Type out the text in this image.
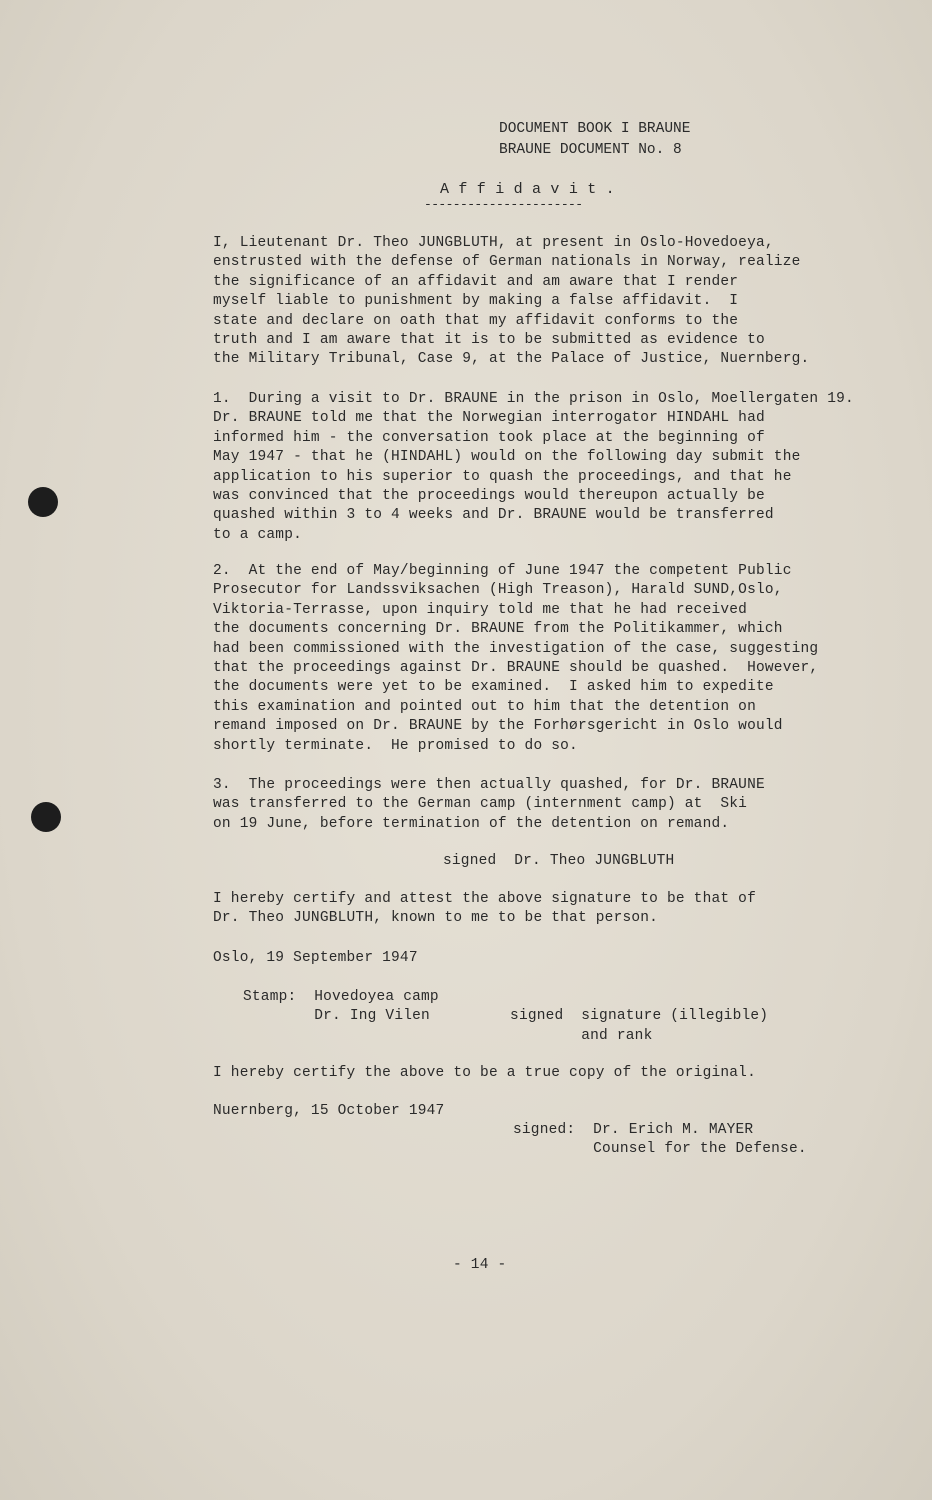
DOCUMENT BOOK I BRAUNE
BRAUNE DOCUMENT No. 8
A f f i d a v i t .
----------------------
I, Lieutenant Dr. Theo JUNGBLUTH, at present in Oslo-Hovedoeya,
enstrusted with the defense of German nationals in Norway, realize
the significance of an affidavit and am aware that I render
myself liable to punishment by making a false affidavit.  I
state and declare on oath that my affidavit conforms to the
truth and I am aware that it is to be submitted as evidence to
the Military Tribunal, Case 9, at the Palace of Justice, Nuernberg.
1.  During a visit to Dr. BRAUNE in the prison in Oslo, Moellergaten 19.
Dr. BRAUNE told me that the Norwegian interrogator HINDAHL had
informed him - the conversation took place at the beginning of
May 1947 - that he (HINDAHL) would on the following day submit the
application to his superior to quash the proceedings, and that he
was convinced that the proceedings would thereupon actually be
quashed within 3 to 4 weeks and Dr. BRAUNE would be transferred
to a camp.
2.  At the end of May/beginning of June 1947 the competent Public
Prosecutor for Landssviksachen (High Treason), Harald SUND,Oslo,
Viktoria-Terrasse, upon inquiry told me that he had received
the documents concerning Dr. BRAUNE from the Politikammer, which
had been commissioned with the investigation of the case, suggesting
that the proceedings against Dr. BRAUNE should be quashed.  However,
the documents were yet to be examined.  I asked him to expedite
this examination and pointed out to him that the detention on
remand imposed on Dr. BRAUNE by the Forhørsgericht in Oslo would
shortly terminate.  He promised to do so.
3.  The proceedings were then actually quashed, for Dr. BRAUNE
was transferred to the German camp (internment camp) at  Ski
on 19 June, before termination of the detention on remand.
signed  Dr. Theo JUNGBLUTH
I hereby certify and attest the above signature to be that of
Dr. Theo JUNGBLUTH, known to me to be that person.
Oslo, 19 September 1947
Stamp:  Hovedoyea camp
Dr. Ing Vilen         signed  signature (illegible)
and rank
I hereby certify the above to be a true copy of the original.
Nuernberg, 15 October 1947
signed:  Dr. Erich M. MAYER
Counsel for the Defense.
- 14 -
